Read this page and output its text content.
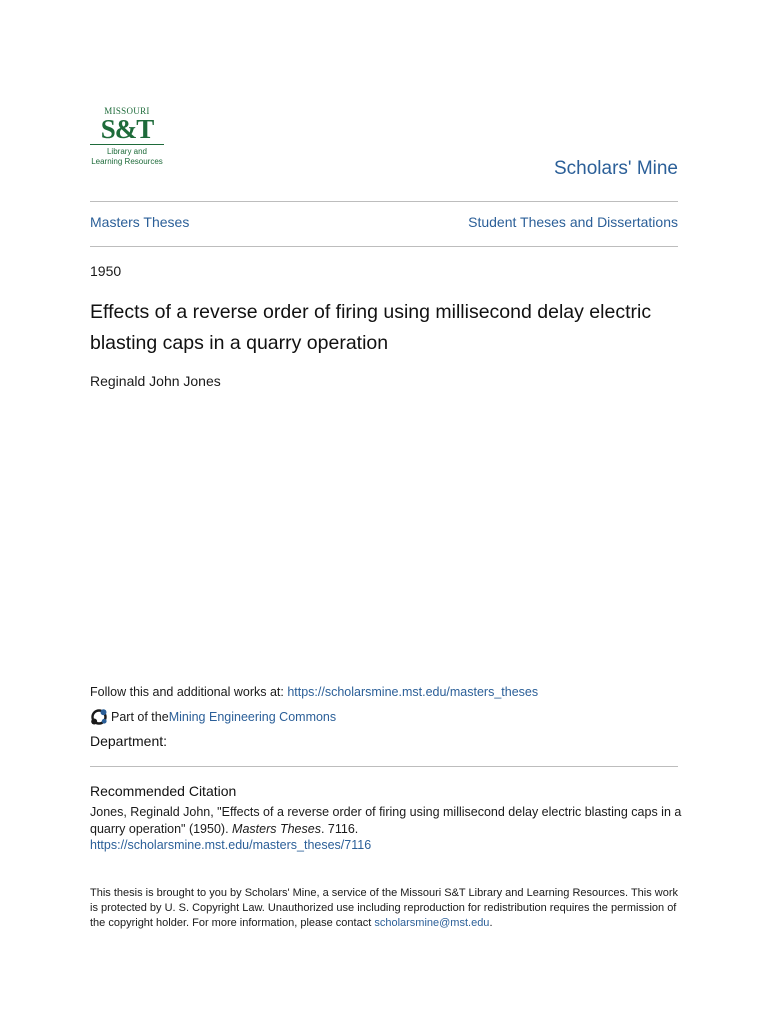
MISSOURI
S&T
Library and
Learning Resources	Scholars' Mine
Masters Theses	Student Theses and Dissertations
1950
Effects of a reverse order of firing using millisecond delay electric blasting caps in a quarry operation
Reginald John Jones
Follow this and additional works at: https://scholarsmine.mst.edu/masters_theses
Part of the Mining Engineering Commons
Department:
Recommended Citation
Jones, Reginald John, "Effects of a reverse order of firing using millisecond delay electric blasting caps in a quarry operation" (1950). Masters Theses. 7116.
https://scholarsmine.mst.edu/masters_theses/7116
This thesis is brought to you by Scholars' Mine, a service of the Missouri S&T Library and Learning Resources. This work is protected by U. S. Copyright Law. Unauthorized use including reproduction for redistribution requires the permission of the copyright holder. For more information, please contact scholarsmine@mst.edu.
